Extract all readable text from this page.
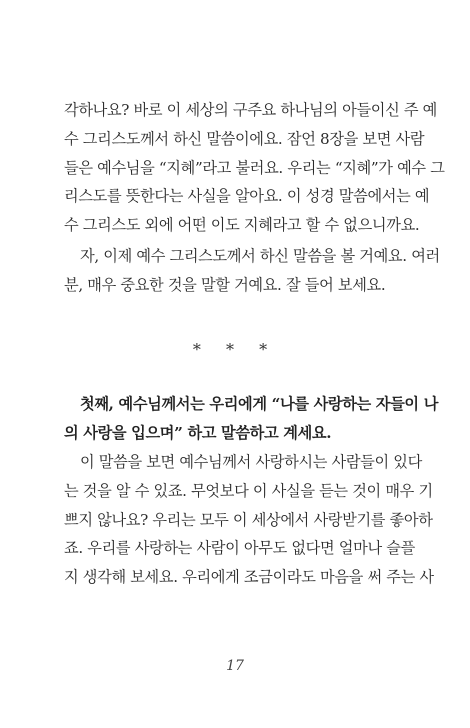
각하나요? 바로 이 세상의 구주요 하나님의 아들이신 주 예
수 그리스도께서 하신 말씀이에요. 잠언 8장을 보면 사람
들은 예수님을 “지혜”라고 불러요. 우리는 “지혜”가 예수 그
리스도를 뜻한다는 사실을 알아요. 이 성경 말씀에서는 예
수 그리스도 외에 어떤 이도 지혜라고 할 수 없으니까요.

자, 이제 예수 그리스도께서 하신 말씀을 볼 거예요. 여러
분, 매우 중요한 것을 말할 거예요. 잘 들어 보세요.

* * *

첫째, 예수님께서는 우리에게 “나를 사랑하는 자들이 나
의 사랑을 입으며” 하고 말씀하고 계세요.

이 말씀을 보면 예수님께서 사랑하시는 사람들이 있다
는 것을 알 수 있죠. 무엇보다 이 사실을 듣는 것이 매우 기
쁘지 않나요? 우리는 모두 이 세상에서 사랑받기를 좋아하
죠. 우리를 사랑하는 사람이 아무도 없다면 얼마나 슬플
지 생각해 보세요. 우리에게 조금이라도 마음을 써 주는 사

17
